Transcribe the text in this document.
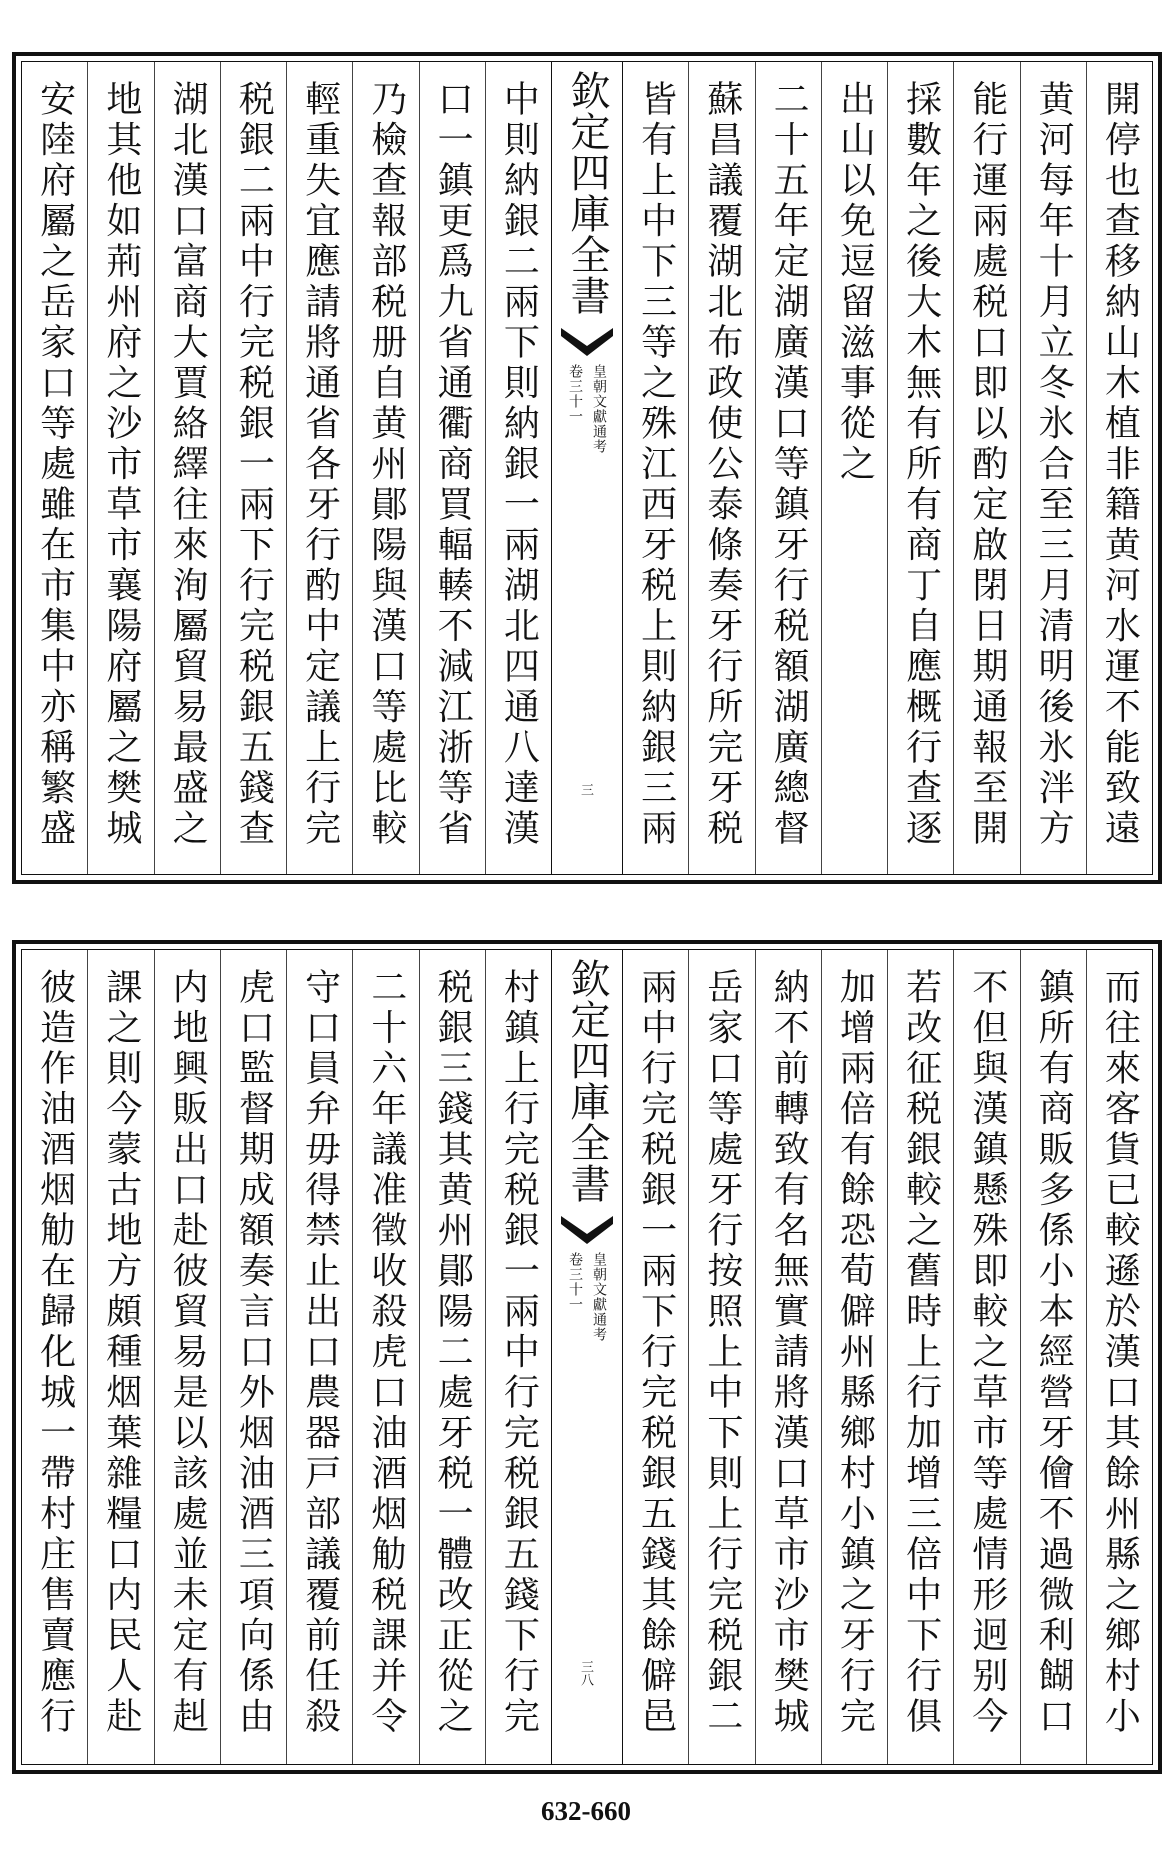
開停也查移納山木植非籍黄河水運不能致遠
黄河每年十月立冬氷合至三月清明後氷泮方
能行運兩處税口即以酌定啟閉日期通報至開
採數年之後大木無有所有商丁自應概行查逐
出山以免逗留滋事從之
二十五年定湖廣漢口等鎮牙行税額湖廣總督
蘇昌議覆湖北布政使公泰條奏牙行所完牙税
皆有上中下三等之殊江西牙税上則納銀三兩
欽定四庫全書
皇朝文獻通考
卷三十一
三
中則納銀二兩下則納銀一兩湖北四通八達漢
口一鎮更爲九省通衢商買輻輳不減江浙等省
乃檢查報部税册自黄州鄖陽與漢口等處比較
輕重失宜應請將通省各牙行酌中定議上行完
税銀二兩中行完税銀一兩下行完税銀五錢查
湖北漢口富商大賈絡繹往來洵屬貿易最盛之
地其他如荊州府之沙市草市襄陽府屬之樊城
安陸府屬之岳家口等處雖在市集中亦稱繁盛
而往來客貨已較遜於漢口其餘州縣之鄉村小
鎮所有商販多係小本經營牙儈不過微利餬口
不但與漢鎮懸殊即較之草市等處情形迥别今
若改征税銀較之舊時上行加增三倍中下行俱
加增兩倍有餘恐荀僻州縣鄉村小鎮之牙行完
納不前轉致有名無實請將漢口草市沙市樊城
岳家口等處牙行按照上中下則上行完税銀二
兩中行完税銀一兩下行完税銀五錢其餘僻邑
欽定四庫全書
皇朝文獻通考
卷三十一
三八
村鎮上行完税銀一兩中行完税銀五錢下行完
税銀三錢其黄州鄖陽二處牙税一體改正從之
二十六年議准徵收殺虎口油酒烟觔税課并令
守口員弁毋得禁止出口農器戸部議覆前任殺
虎口監督期成額奏言口外烟油酒三項向係由
内地興販出口赴彼貿易是以該處並未定有赳
課之則今蒙古地方頗種烟葉雜糧口内民人赴
彼造作油酒烟觔在歸化城一帶村庄售賣應行
632-660
